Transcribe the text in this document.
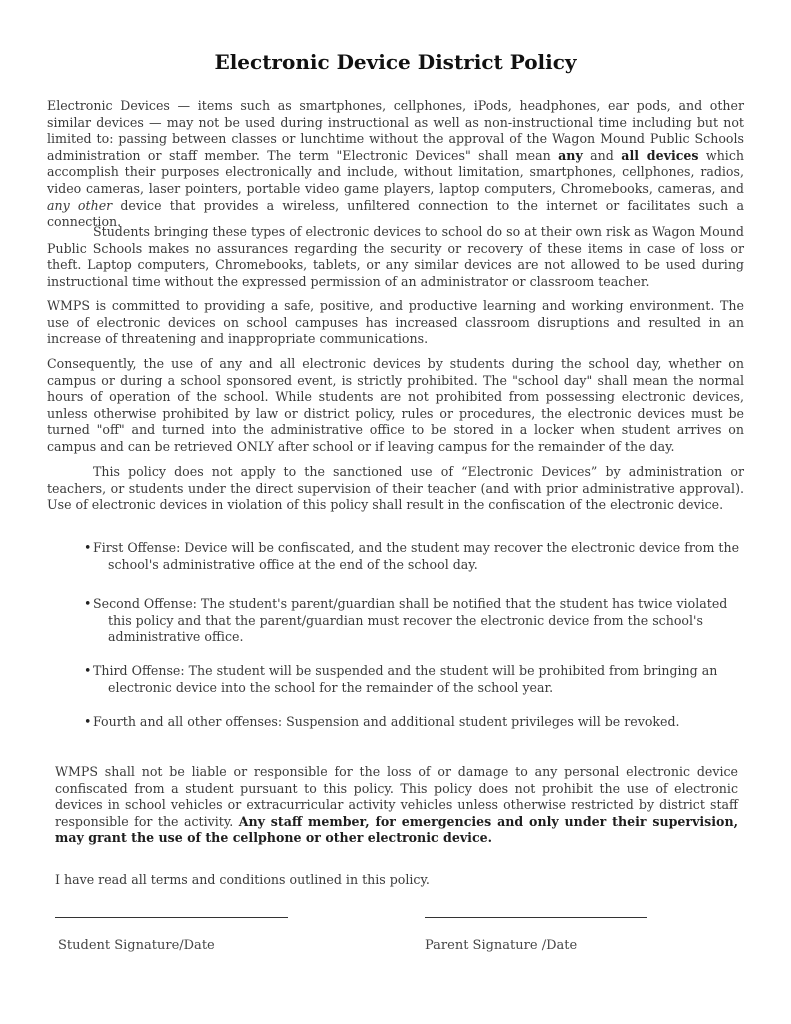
Electronic Device District Policy

Electronic Devices — items such as smartphones, cellphones, iPods, headphones, ear pods, and other similar devices — may not be used during instructional as well as non-instructional time including but not limited to: passing between classes or lunchtime without the approval of the Wagon Mound Public Schools administration or staff member. The term "Electronic Devices" shall mean any and all devices which accomplish their purposes electronically and include, without limitation, smartphones, cellphones, radios, video cameras, laser pointers, portable video game players, laptop computers, Chromebooks, cameras, and any other device that provides a wireless, unfiltered connection to the internet or facilitates such a connection.

Students bringing these types of electronic devices to school do so at their own risk as Wagon Mound Public Schools makes no assurances regarding the security or recovery of these items in case of loss or theft. Laptop computers, Chromebooks, tablets, or any similar devices are not allowed to be used during instructional time without the expressed permission of an administrator or classroom teacher.

WMPS is committed to providing a safe, positive, and productive learning and working environment. The use of electronic devices on school campuses has increased classroom disruptions and resulted in an increase of threatening and inappropriate communications.

Consequently, the use of any and all electronic devices by students during the school day, whether on campus or during a school sponsored event, is strictly prohibited. The "school day" shall mean the normal hours of operation of the school. While students are not prohibited from possessing electronic devices, unless otherwise prohibited by law or district policy, rules or procedures, the electronic devices must be turned "off" and turned into the administrative office to be stored in a locker when student arrives on campus and can be retrieved ONLY after school or if leaving campus for the remainder of the day.

This policy does not apply to the sanctioned use of “Electronic Devices” by administration or teachers, or students under the direct supervision of their teacher (and with prior administrative approval). Use of electronic devices in violation of this policy shall result in the confiscation of the electronic device.

• First Offense: Device will be confiscated, and the student may recover the electronic device from the school's administrative office at the end of the school day.

• Second Offense: The student's parent/guardian shall be notified that the student has twice violated this policy and that the parent/guardian must recover the electronic device from the school's administrative office.

• Third Offense: The student will be suspended and the student will be prohibited from bringing an electronic device into the school for the remainder of the school year.

• Fourth and all other offenses: Suspension and additional student privileges will be revoked.

WMPS shall not be liable or responsible for the loss of or damage to any personal electronic device confiscated from a student pursuant to this policy. This policy does not prohibit the use of electronic devices in school vehicles or extracurricular activity vehicles unless otherwise restricted by district staff responsible for the activity. Any staff member, for emergencies and only under their supervision, may grant the use of the cellphone or other electronic device.

I have read all terms and conditions outlined in this policy.

Student Signature/Date	Parent Signature /Date
